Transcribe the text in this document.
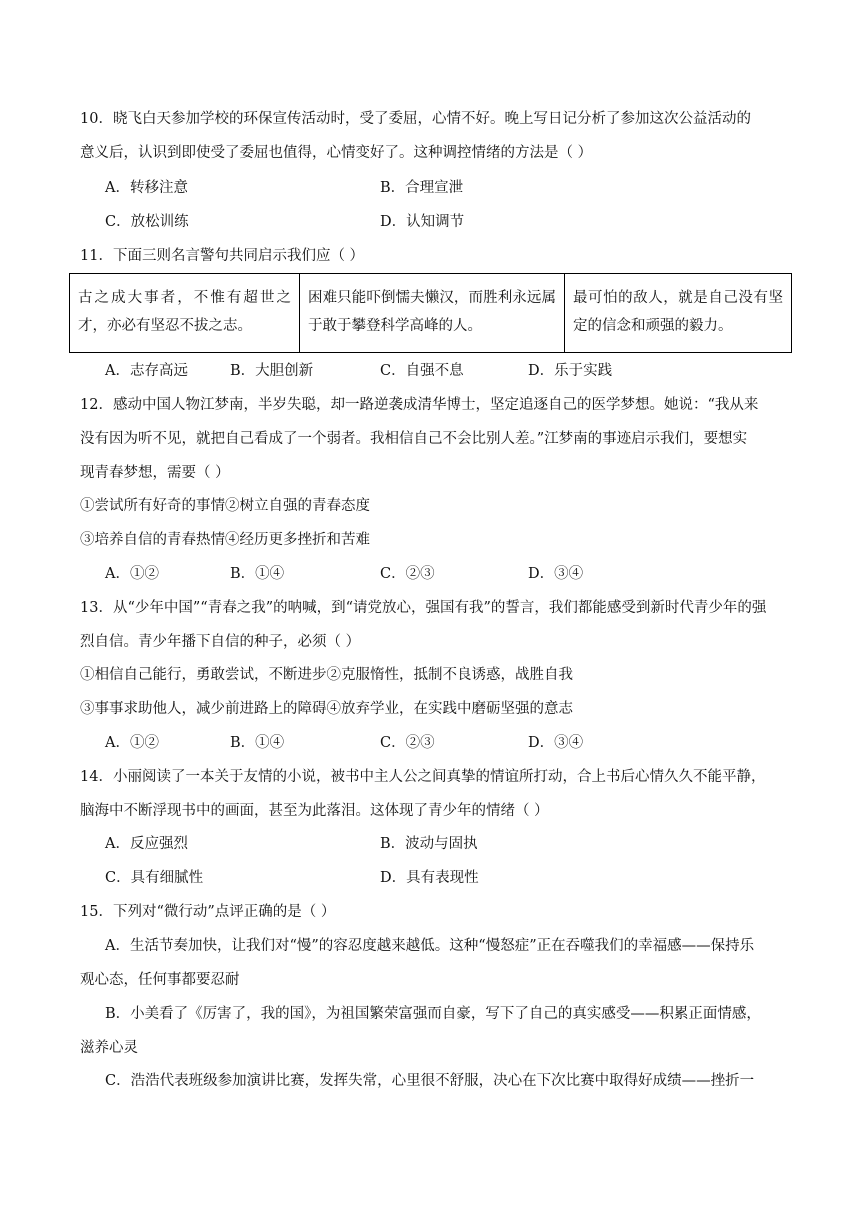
10．晓飞白天参加学校的环保宣传活动时，受了委屈，心情不好。晚上写日记分析了参加这次公益活动的
意义后，认识到即使受了委屈也值得，心情变好了。这种调控情绪的方法是（ ）
A．转移注意	B．合理宣泄
C．放松训练	D．认知调节
11．下面三则名言警句共同启示我们应（ ）
古之成大事者，不惟有超世之才，亦必有坚忍不拔之志。	困难只能吓倒懦夫懒汉，而胜利永远属于敢于攀登科学高峰的人。	最可怕的敌人，就是自己没有坚定的信念和顽强的毅力。
A．志存高远	B．大胆创新	C．自强不息	D．乐于实践
12．感动中国人物江梦南，半岁失聪，却一路逆袭成清华博士，坚定追逐自己的医学梦想。她说：“我从来
没有因为听不见，就把自己看成了一个弱者。我相信自己不会比别人差。”江梦南的事迹启示我们，要想实
现青春梦想，需要（ ）
①尝试所有好奇的事情②树立自强的青春态度
③培养自信的青春热情④经历更多挫折和苦难
A．①②	B．①④	C．②③	D．③④
13．从“少年中国”“青春之我”的呐喊，到“请党放心，强国有我”的誓言，我们都能感受到新时代青少年的强
烈自信。青少年播下自信的种子，必须（ ）
①相信自己能行，勇敢尝试，不断进步②克服惰性，抵制不良诱惑，战胜自我
③事事求助他人，减少前进路上的障碍④放弃学业，在实践中磨砺坚强的意志
A．①②	B．①④	C．②③	D．③④
14．小丽阅读了一本关于友情的小说，被书中主人公之间真挚的情谊所打动，合上书后心情久久不能平静，
脑海中不断浮现书中的画面，甚至为此落泪。这体现了青少年的情绪（ ）
A．反应强烈	B．波动与固执
C．具有细腻性	D．具有表现性
15．下列对“微行动”点评正确的是（ ）
A．生活节奏加快，让我们对“慢”的容忍度越来越低。这种“慢怒症”正在吞噬我们的幸福感——保持乐
观心态，任何事都要忍耐
B．小美看了《厉害了，我的国》，为祖国繁荣富强而自豪，写下了自己的真实感受——积累正面情感，
滋养心灵
C．浩浩代表班级参加演讲比赛，发挥失常，心里很不舒服，决心在下次比赛中取得好成绩——挫折一
